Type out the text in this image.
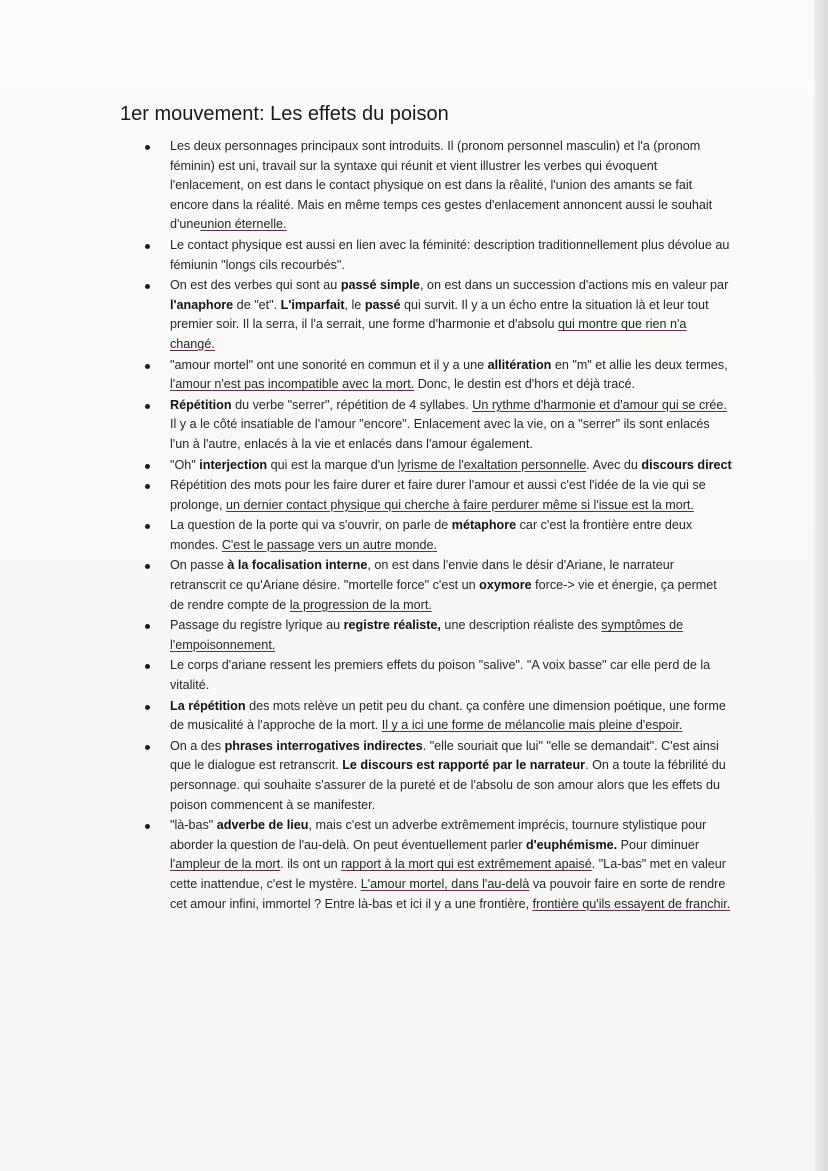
1er mouvement: Les effets du poison
Les deux personnages principaux sont introduits. Il (pronom personnel masculin) et l'a (pronom féminin) est uni, travail sur la syntaxe qui réunit et vient illustrer les verbes qui évoquent l'enlacement, on est dans le contact physique on est dans la rêalité, l'union des amants se fait encore dans la réalité. Mais en même temps ces gestes d'enlacement annoncent aussi le souhait d'uneunion éternelle.
Le contact physique est aussi en lien avec la féminité: description traditionnellement plus dévolue au fémiunin "longs cils recourbés".
On est des verbes qui sont au passé simple, on est dans un succession d'actions mis en valeur par l'anaphore de "et". L'imparfait, le passé qui survit. Il y a un écho entre la situation là et leur tout premier soir. Il la serra, il l'a serrait, une forme d'harmonie et d'absolu qui montre que rien n'a changé.
"amour mortel" ont une sonorité en commun et il y a une allitération en "m" et allie les deux termes, l'amour n'est pas incompatible avec la mort. Donc, le destin est d'hors et déjà tracé.
Répétition du verbe "serrer", répétition de 4 syllabes. Un rythme d'harmonie et d'amour qui se crée. Il y a le côté insatiable de l'amour "encore". Enlacement avec la vie, on a "serrer" ils sont enlacés l'un à l'autre, enlacés à la vie et enlacés dans l'amour également.
"Oh" interjection qui est la marque d'un lyrisme de l'exaltation personnelle. Avec du discours direct
Répétition des mots pour les faire durer et faire durer l'amour et aussi c'est l'idée de la vie qui se prolonge, un dernier contact physique qui cherche à faire perdurer même si l'issue est la mort.
La question de la porte qui va s'ouvrir, on parle de métaphore car c'est la frontière entre deux mondes. C'est le passage vers un autre monde.
On passe à la focalisation interne, on est dans l'envie dans le désir d'Ariane, le narrateur retranscrit ce qu'Ariane désire. "mortelle force" c'est un oxymore force-> vie et énergie, ça permet de rendre compte de la progression de la mort.
Passage du registre lyrique au registre réaliste, une description réaliste des symptômes de l'empoisonnement.
Le corps d'ariane ressent les premiers effets du poison "salive". "A voix basse" car elle perd de la vitalité.
La répétition des mots relève un petit peu du chant. ça confère une dimension poétique, une forme de musicalité à l'approche de la mort. Il y a ici une forme de mélancolie mais pleine d'espoir.
On a des phrases interrogatives indirectes. "elle souriait que lui" "elle se demandait". C'est ainsi que le dialogue est retranscrit. Le discours est rapporté par le narrateur. On a toute la fébrilité du personnage. qui souhaite s'assurer de la pureté et de l'absolu de son amour alors que les effets du poison commencent à se manifester.
"là-bas" adverbe de lieu, mais c'est un adverbe extrêmement imprécis, tournure stylistique pour aborder la question de l'au-delà. On peut éventuellement parler d'euphémisme. Pour diminuer l'ampleur de la mort. ils ont un rapport à la mort qui est extrêmement apaisé. "La-bas" met en valeur cette inattendue, c'est le mystère. L'amour mortel, dans l'au-delà va pouvoir faire en sorte de rendre cet amour infini, immortel ? Entre là-bas et ici il y a une frontière, frontière qu'ils essayent de franchir.
